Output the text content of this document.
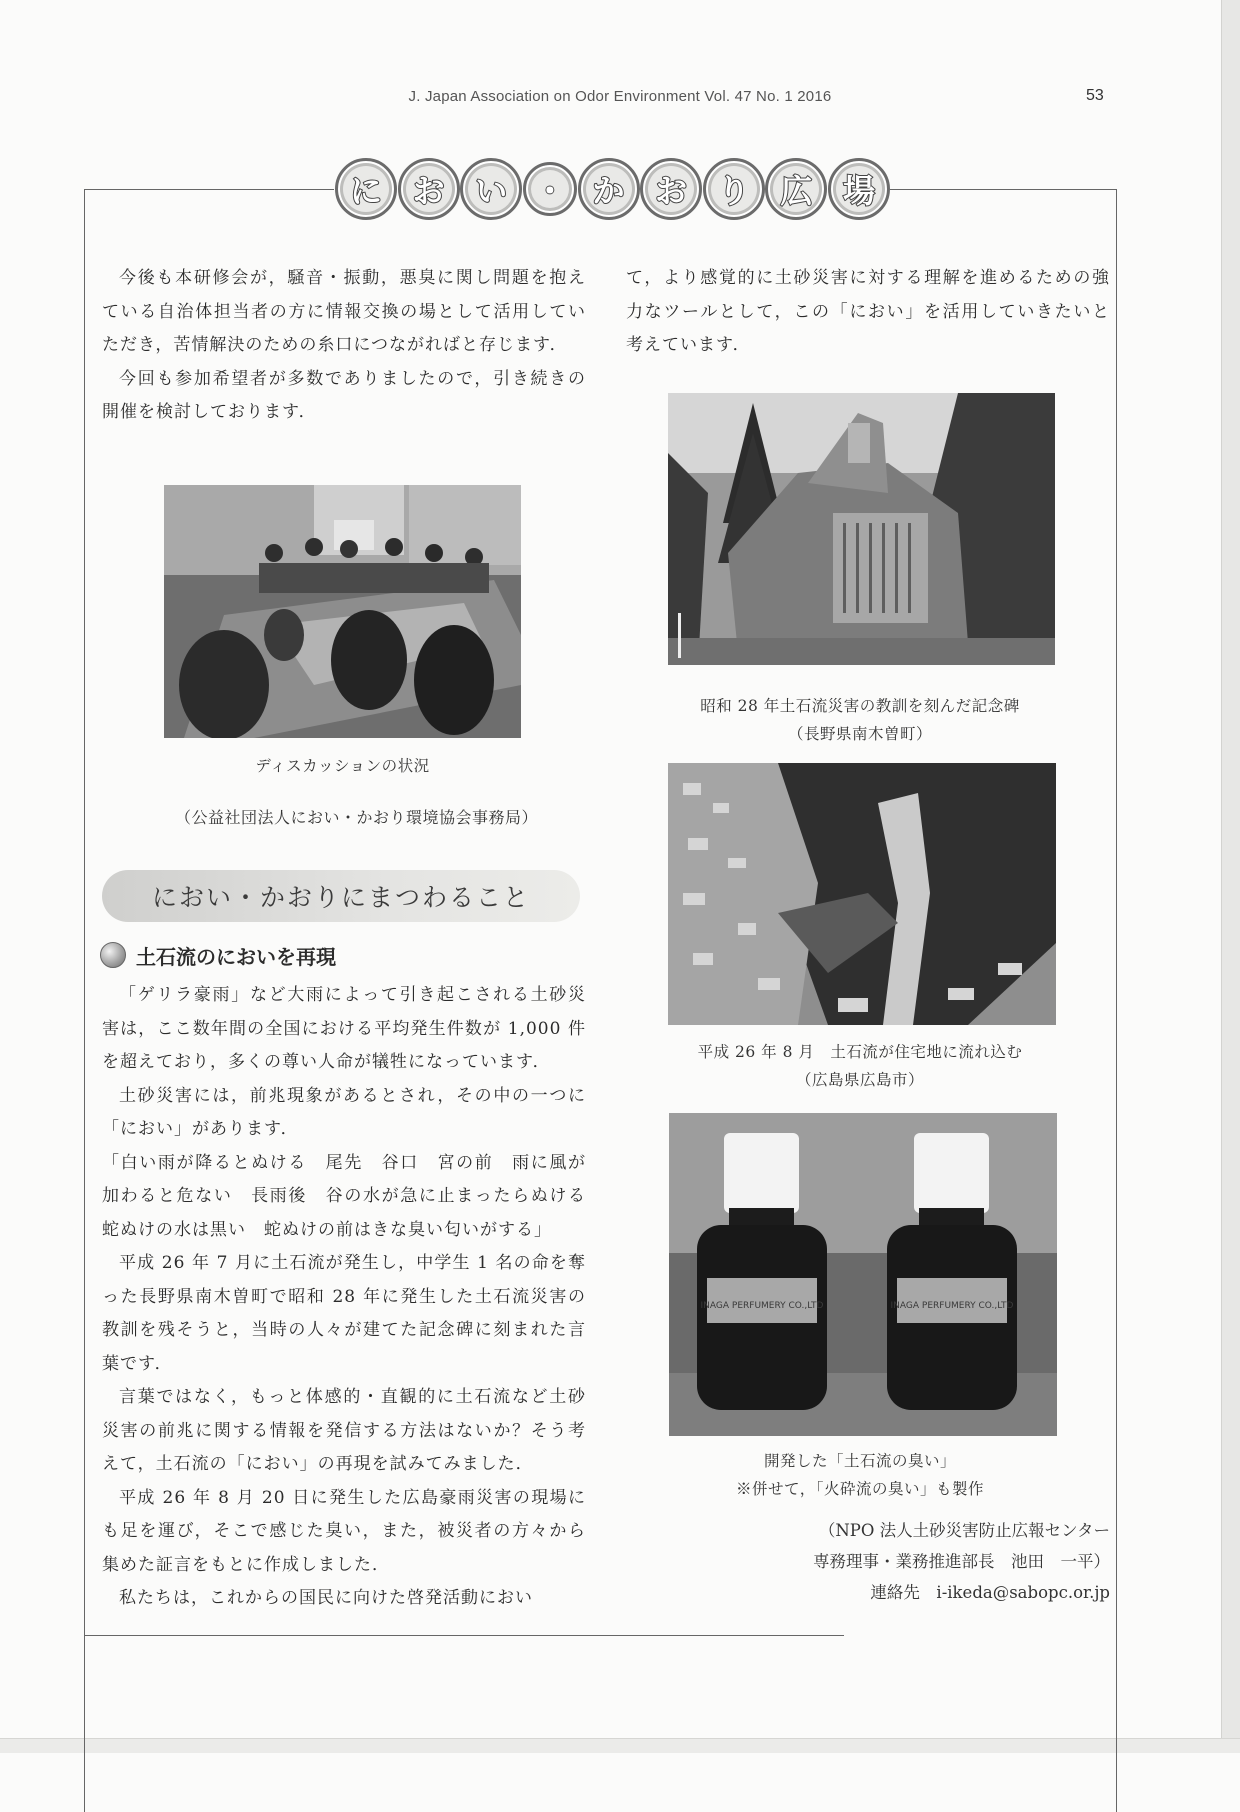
J. Japan Association on Odor Environment Vol. 47 No. 1 2016	53
に お い ・ か お り 広 場

今後も本研修会が，騒音・振動，悪臭に関し問題を抱えている自治体担当者の方に情報交換の場として活用していただき，苦情解決のための糸口につながればと存じます．

今回も参加希望者が多数でありましたので，引き続きの開催を検討しております．

て，より感覚的に土砂災害に対する理解を進めるための強力なツールとして，この「におい」を活用していきたいと考えています．

ディスカッションの状況
（公益社団法人におい・かおり環境協会事務局）
におい・かおりにまつわること
土石流のにおいを再現

「ゲリラ豪雨」など大雨によって引き起こされる土砂災害は，ここ数年間の全国における平均発生件数が 1,000 件を超えており，多くの尊い人命が犠牲になっています．

土砂災害には，前兆現象があるとされ，その中の一つに「におい」があります．

「白い雨が降るとぬける　尾先　谷口　宮の前　雨に風が加わると危ない　長雨後　谷の水が急に止まったらぬける　蛇ぬけの水は黒い　蛇ぬけの前はきな臭い匂いがする」

平成 26 年 7 月に土石流が発生し，中学生 1 名の命を奪った長野県南木曽町で昭和 28 年に発生した土石流災害の教訓を残そうと，当時の人々が建てた記念碑に刻まれた言葉です．

言葉ではなく，もっと体感的・直観的に土石流など土砂災害の前兆に関する情報を発信する方法はないか？そう考えて，土石流の「におい」の再現を試みてみました．

平成 26 年 8 月 20 日に発生した広島豪雨災害の現場にも足を運び，そこで感じた臭い，また，被災者の方々から集めた証言をもとに作成しました．

私たちは，これからの国民に向けた啓発活動におい

昭和 28 年土石流災害の教訓を刻んだ記念碑
（長野県南木曽町）
平成 26 年 8 月　土石流が住宅地に流れ込む
（広島県広島市）
INAGA PERFUMERY CO.,LTD	INAGA PERFUMERY CO.,LTD
開発した「土石流の臭い」
※併せて，「火砕流の臭い」も製作
（NPO 法人土砂災害防止広報センター
専務理事・業務推進部長　池田　一平）
連絡先　i-ikeda@sabopc.or.jp
